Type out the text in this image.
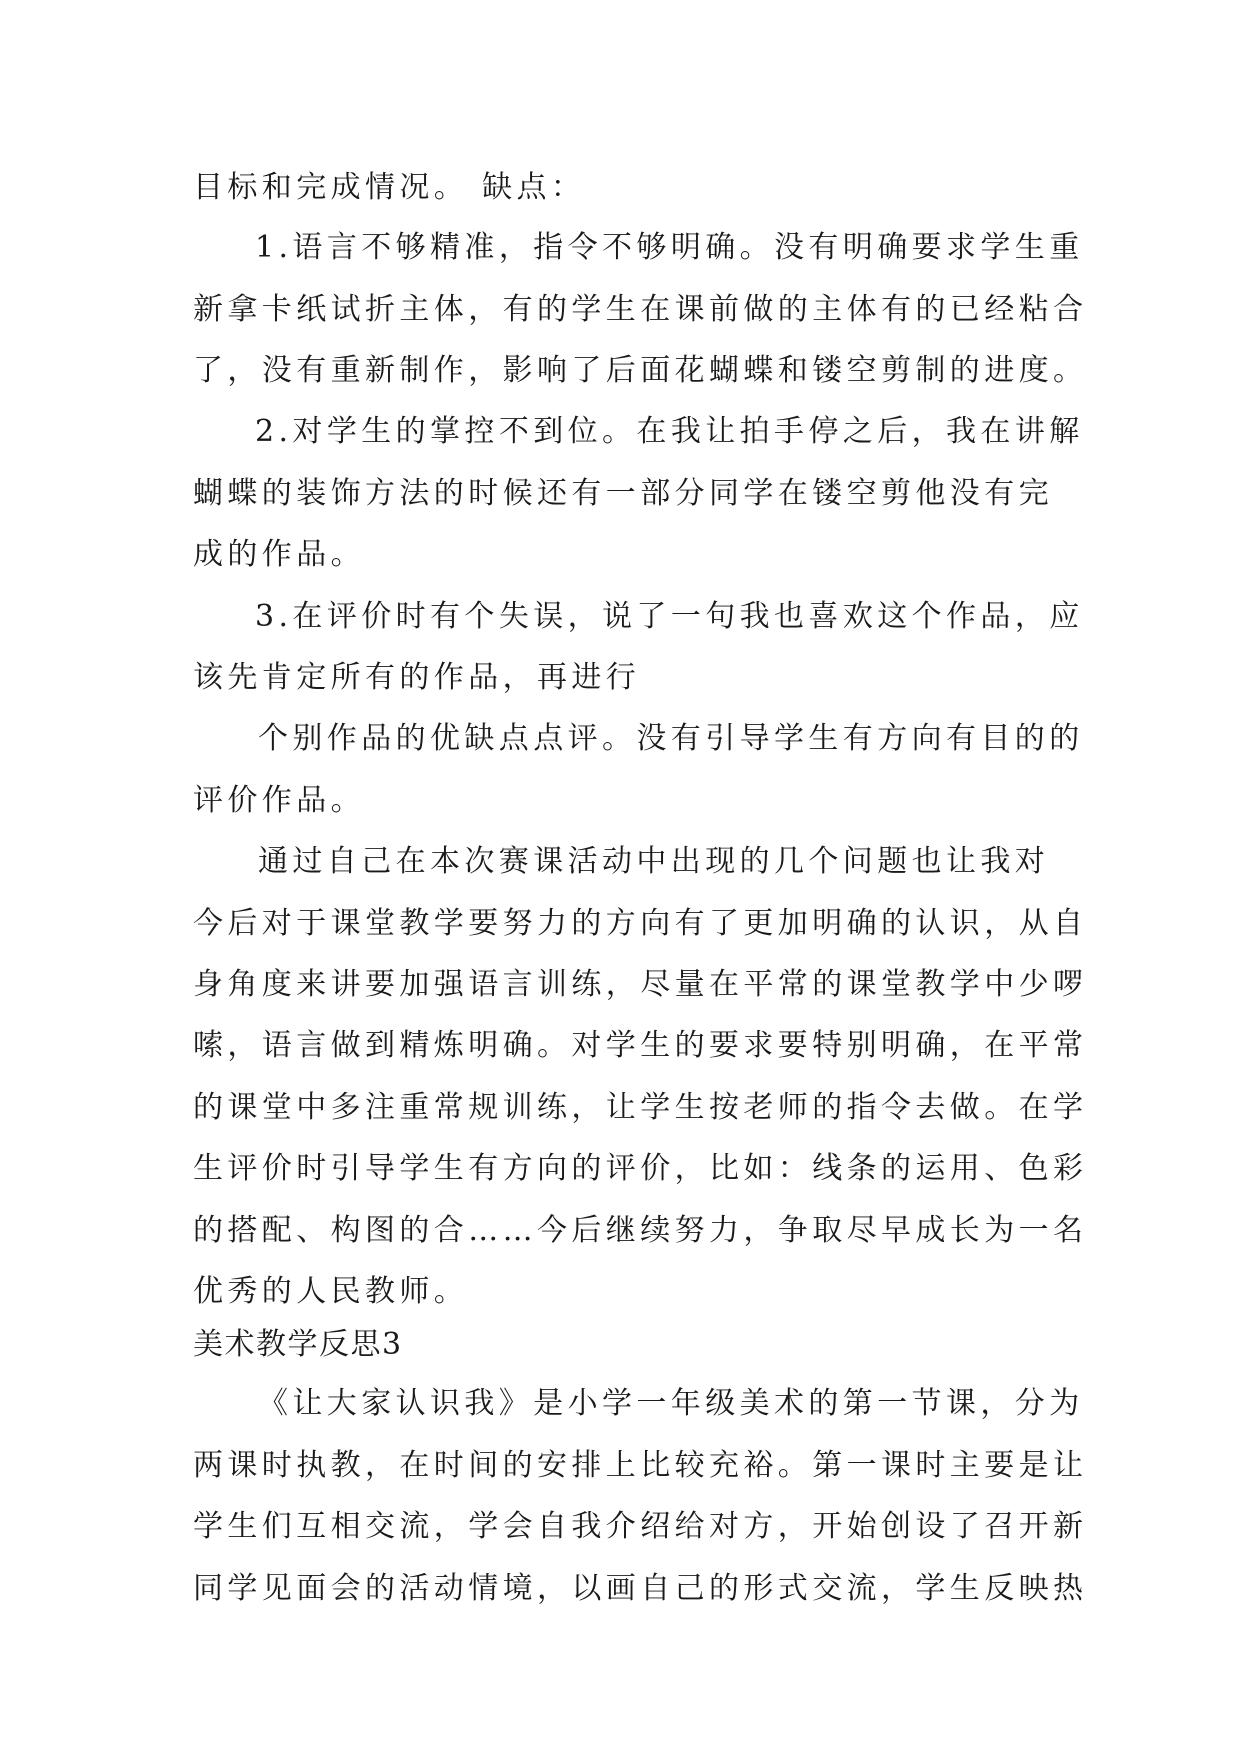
目标和完成情况。 缺点：
1.语言不够精准，指令不够明确。没有明确要求学生重
新拿卡纸试折主体，有的学生在课前做的主体有的已经粘合
了，没有重新制作，影响了后面花蝴蝶和镂空剪制的进度。
2.对学生的掌控不到位。在我让拍手停之后，我在讲解
蝴蝶的装饰方法的时候还有一部分同学在镂空剪他没有完
成的作品。
3.在评价时有个失误，说了一句我也喜欢这个作品，应
该先肯定所有的作品，再进行
个别作品的优缺点点评。没有引导学生有方向有目的的
评价作品。
通过自己在本次赛课活动中出现的几个问题也让我对
今后对于课堂教学要努力的方向有了更加明确的认识，从自
身角度来讲要加强语言训练，尽量在平常的课堂教学中少啰
嗦，语言做到精炼明确。对学生的要求要特别明确，在平常
的课堂中多注重常规训练，让学生按老师的指令去做。在学
生评价时引导学生有方向的评价，比如：线条的运用、色彩
的搭配、构图的合……今后继续努力，争取尽早成长为一名
优秀的人民教师。
美术教学反思3
《让大家认识我》是小学一年级美术的第一节课，分为
两课时执教，在时间的安排上比较充裕。第一课时主要是让
学生们互相交流，学会自我介绍给对方，开始创设了召开新
同学见面会的活动情境，以画自己的形式交流，学生反映热
